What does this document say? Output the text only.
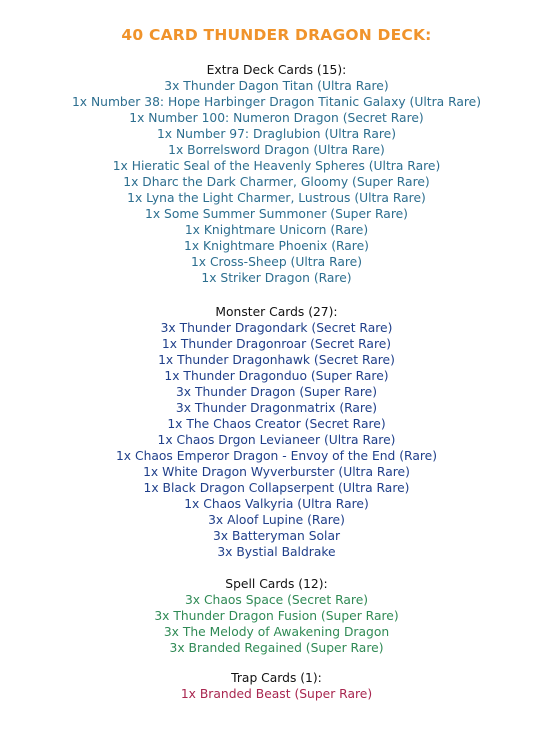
40 CARD THUNDER DRAGON DECK:
Extra Deck Cards (15):
3x Thunder Dagon Titan (Ultra Rare)
1x Number 38: Hope Harbinger Dragon Titanic Galaxy (Ultra Rare)
1x Number 100: Numeron Dragon (Secret Rare)
1x Number 97: Draglubion (Ultra Rare)
1x Borrelsword Dragon (Ultra Rare)
1x Hieratic Seal of the Heavenly Spheres (Ultra Rare)
1x Dharc the Dark Charmer, Gloomy (Super Rare)
1x Lyna the Light Charmer, Lustrous (Ultra Rare)
1x Some Summer Summoner (Super Rare)
1x Knightmare Unicorn (Rare)
1x Knightmare Phoenix (Rare)
1x Cross-Sheep (Ultra Rare)
1x Striker Dragon (Rare)
Monster Cards (27):
3x Thunder Dragondark (Secret Rare)
1x Thunder Dragonroar (Secret Rare)
1x Thunder Dragonhawk (Secret Rare)
1x Thunder Dragonduo (Super Rare)
3x Thunder Dragon (Super Rare)
3x Thunder Dragonmatrix (Rare)
1x The Chaos Creator (Secret Rare)
1x Chaos Drgon Levianeer (Ultra Rare)
1x Chaos Emperor Dragon - Envoy of the End (Rare)
1x White Dragon Wyverburster (Ultra Rare)
1x Black Dragon Collapserpent (Ultra Rare)
1x Chaos Valkyria (Ultra Rare)
3x Aloof Lupine (Rare)
3x Batteryman Solar
3x Bystial Baldrake
Spell Cards (12):
3x Chaos Space (Secret Rare)
3x Thunder Dragon Fusion (Super Rare)
3x The Melody of Awakening Dragon
3x Branded Regained (Super Rare)
Trap Cards (1):
1x Branded Beast (Super Rare)
